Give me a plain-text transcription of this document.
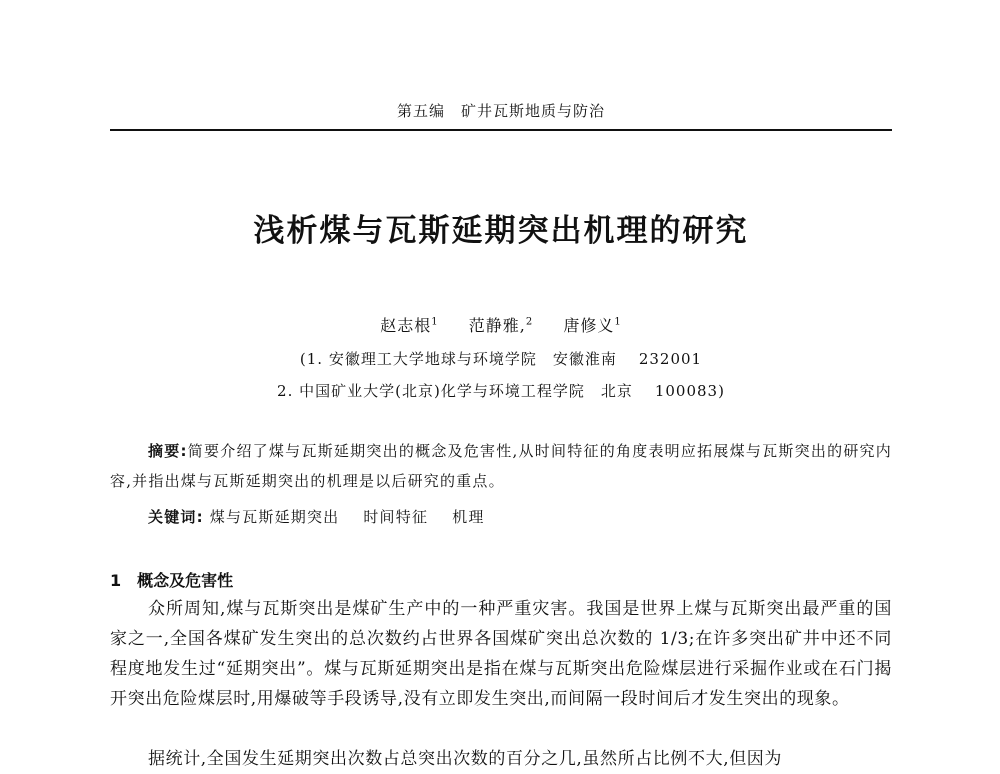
第五编　矿井瓦斯地质与防治
浅析煤与瓦斯延期突出机理的研究
赵志根$^1$ 范静雅,$^2$ 唐修义$^1$
(1. 安徽理工大学地球与环境学院　安徽淮南 232001
2. 中国矿业大学(北京)化学与环境工程学院　北京 100083)

摘要:简要介绍了煤与瓦斯延期突出的概念及危害性,从时间特征的角度表明应拓展煤与瓦斯突出的研究内容,并指出煤与瓦斯延期突出的机理是以后研究的重点。

关键词: 煤与瓦斯延期突出 时间特征 机理
1 概念及危害性

众所周知,煤与瓦斯突出是煤矿生产中的一种严重灾害。我国是世界上煤与瓦斯突出最严重的国家之一,全国各煤矿发生突出的总次数约占世界各国煤矿突出总次数的 1/3;在许多突出矿井中还不同程度地发生过“延期突出”。煤与瓦斯延期突出是指在煤与瓦斯突出危险煤层进行采掘作业或在石门揭开突出危险煤层时,用爆破等手段诱导,没有立即发生突出,而间隔一段时间后才发生突出的现象。

据统计,全国发生延期突出次数占总突出次数的百分之几,虽然所占比例不大,但因为
